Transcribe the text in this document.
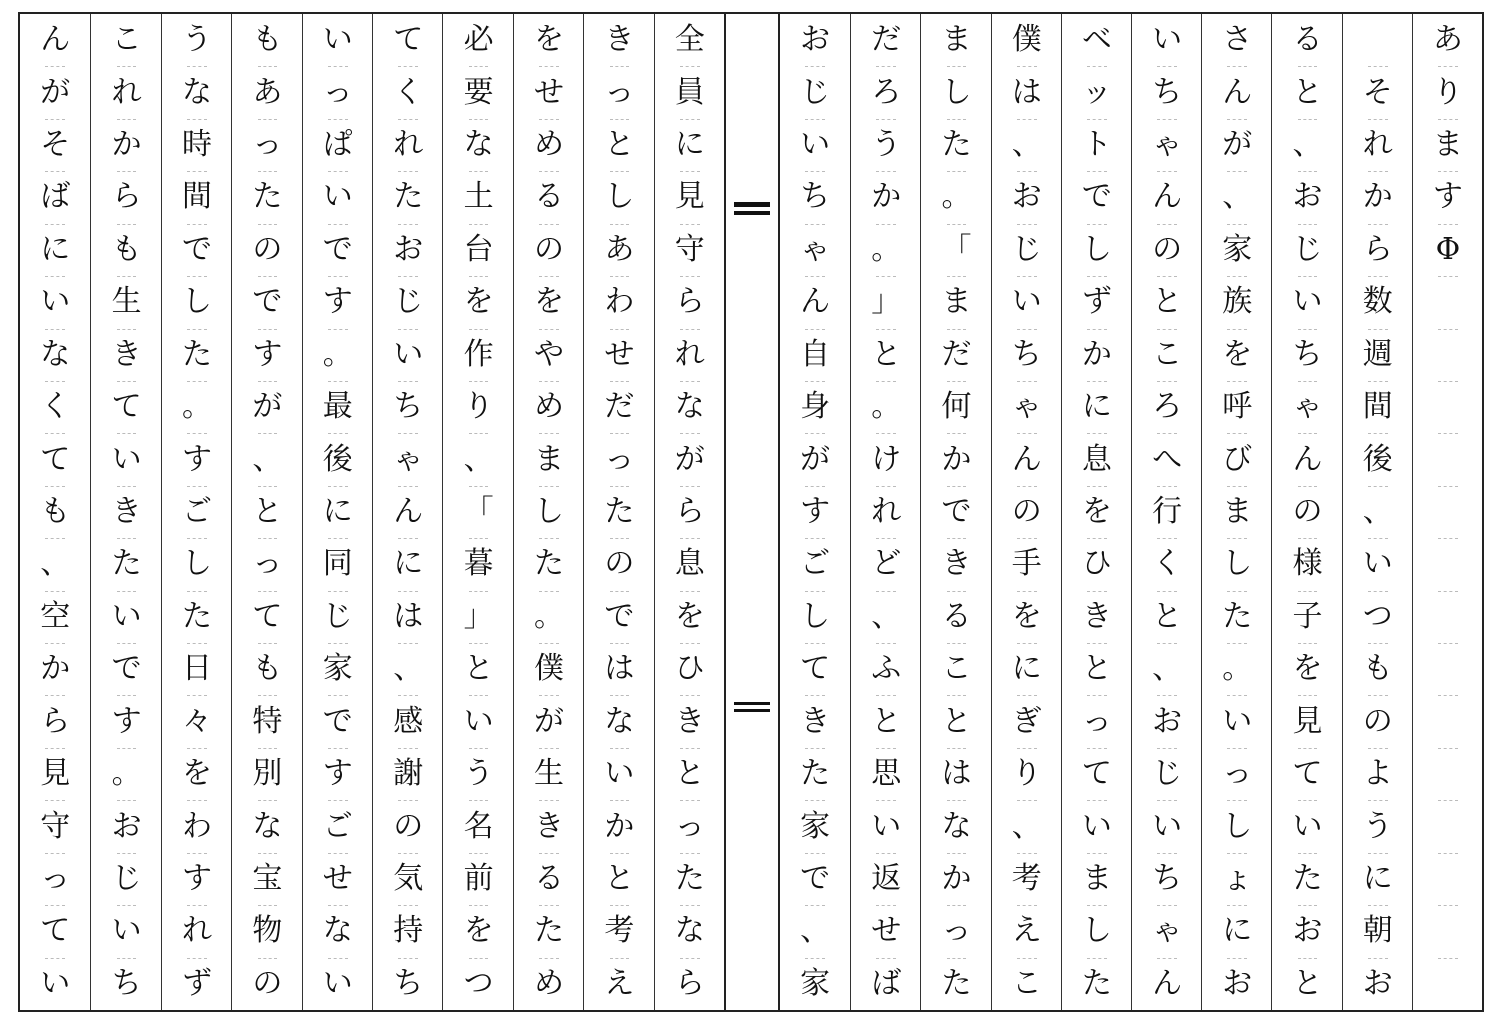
全
員
に
見
守
ら
れ
な
が
ら
息
を
ひ
き
と
っ
た
な
ら
き
っ
と
し
あ
わ
せ
だ
っ
た
の
で
は
な
い
か
と
考
え
を
せ
め
る
の
を
や
め
ま
し
た
。
僕
が
生
き
る
た
め
必
要
な
土
台
を
作
り
、
「
暮
」
と
い
う
名
前
を
つ
て
く
れ
た
お
じ
い
ち
ゃ
ん
に
は
、
感
謝
の
気
持
ち
い
っ
ぱ
い
で
す
。
最
後
に
同
じ
家
で
す
ご
せ
な
い
も
あ
っ
た
の
で
す
が
、
と
っ
て
も
特
別
な
宝
物
の
う
な
時
間
で
し
た
。
す
ご
し
た
日
々
を
わ
す
れ
ず
こ
れ
か
ら
も
生
き
て
い
き
た
い
で
す
。
お
じ
い
ち
ん
が
そ
ば
に
い
な
く
て
も
、
空
か
ら
見
守
っ
て
い
あ
り
ま
す
Φ
そ
れ
か
ら
数
週
間
後
、
い
つ
も
の
よ
う
に
朝
お
る
と
、
お
じ
い
ち
ゃ
ん
の
様
子
を
見
て
い
た
お
と
さ
ん
が
、
家
族
を
呼
び
ま
し
た
。
い
っ
し
ょ
に
お
い
ち
ゃ
ん
の
と
こ
ろ
へ
行
く
と
、
お
じ
い
ち
ゃ
ん
ベ
ッ
ト
で
し
ず
か
に
息
を
ひ
き
と
っ
て
い
ま
し
た
僕
は
、
お
じ
い
ち
ゃ
ん
の
手
を
に
ぎ
り
、
考
え
こ
ま
し
た
。
「
ま
だ
何
か
で
き
る
こ
と
は
な
か
っ
た
だ
ろ
う
か
。
」
と
。
け
れ
ど
、
ふ
と
思
い
返
せ
ば
お
じ
い
ち
ゃ
ん
自
身
が
す
ご
し
て
き
た
家
で
、
家
